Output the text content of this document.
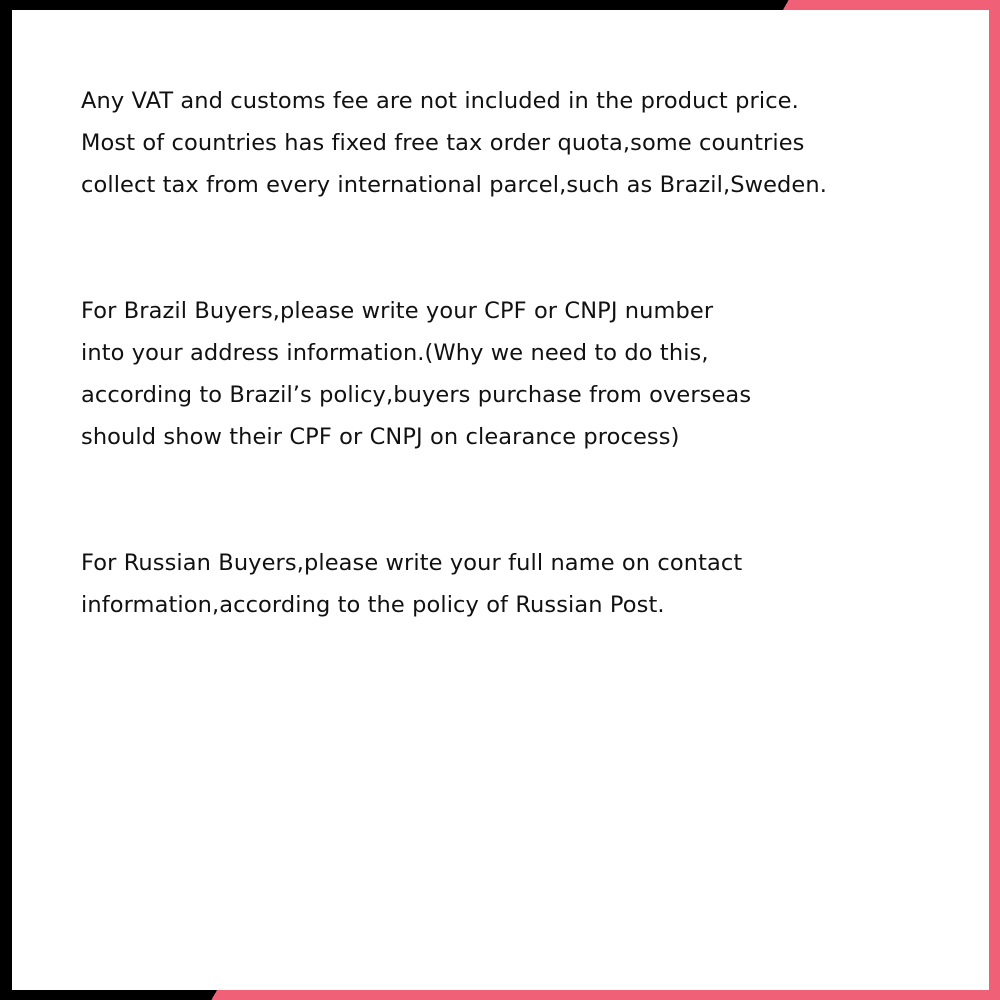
Any VAT and customs fee are not included in the product price.
Most of countries has fixed free tax order quota,some countries
collect tax from every international parcel,such as Brazil,Sweden.

For Brazil Buyers,please write your CPF or CNPJ number
into your address information.(Why we need to do this,
according to Brazil’s policy,buyers purchase from overseas
should show their CPF or CNPJ on clearance process)

For Russian Buyers,please write your full name on contact
information,according to the policy of Russian Post.
